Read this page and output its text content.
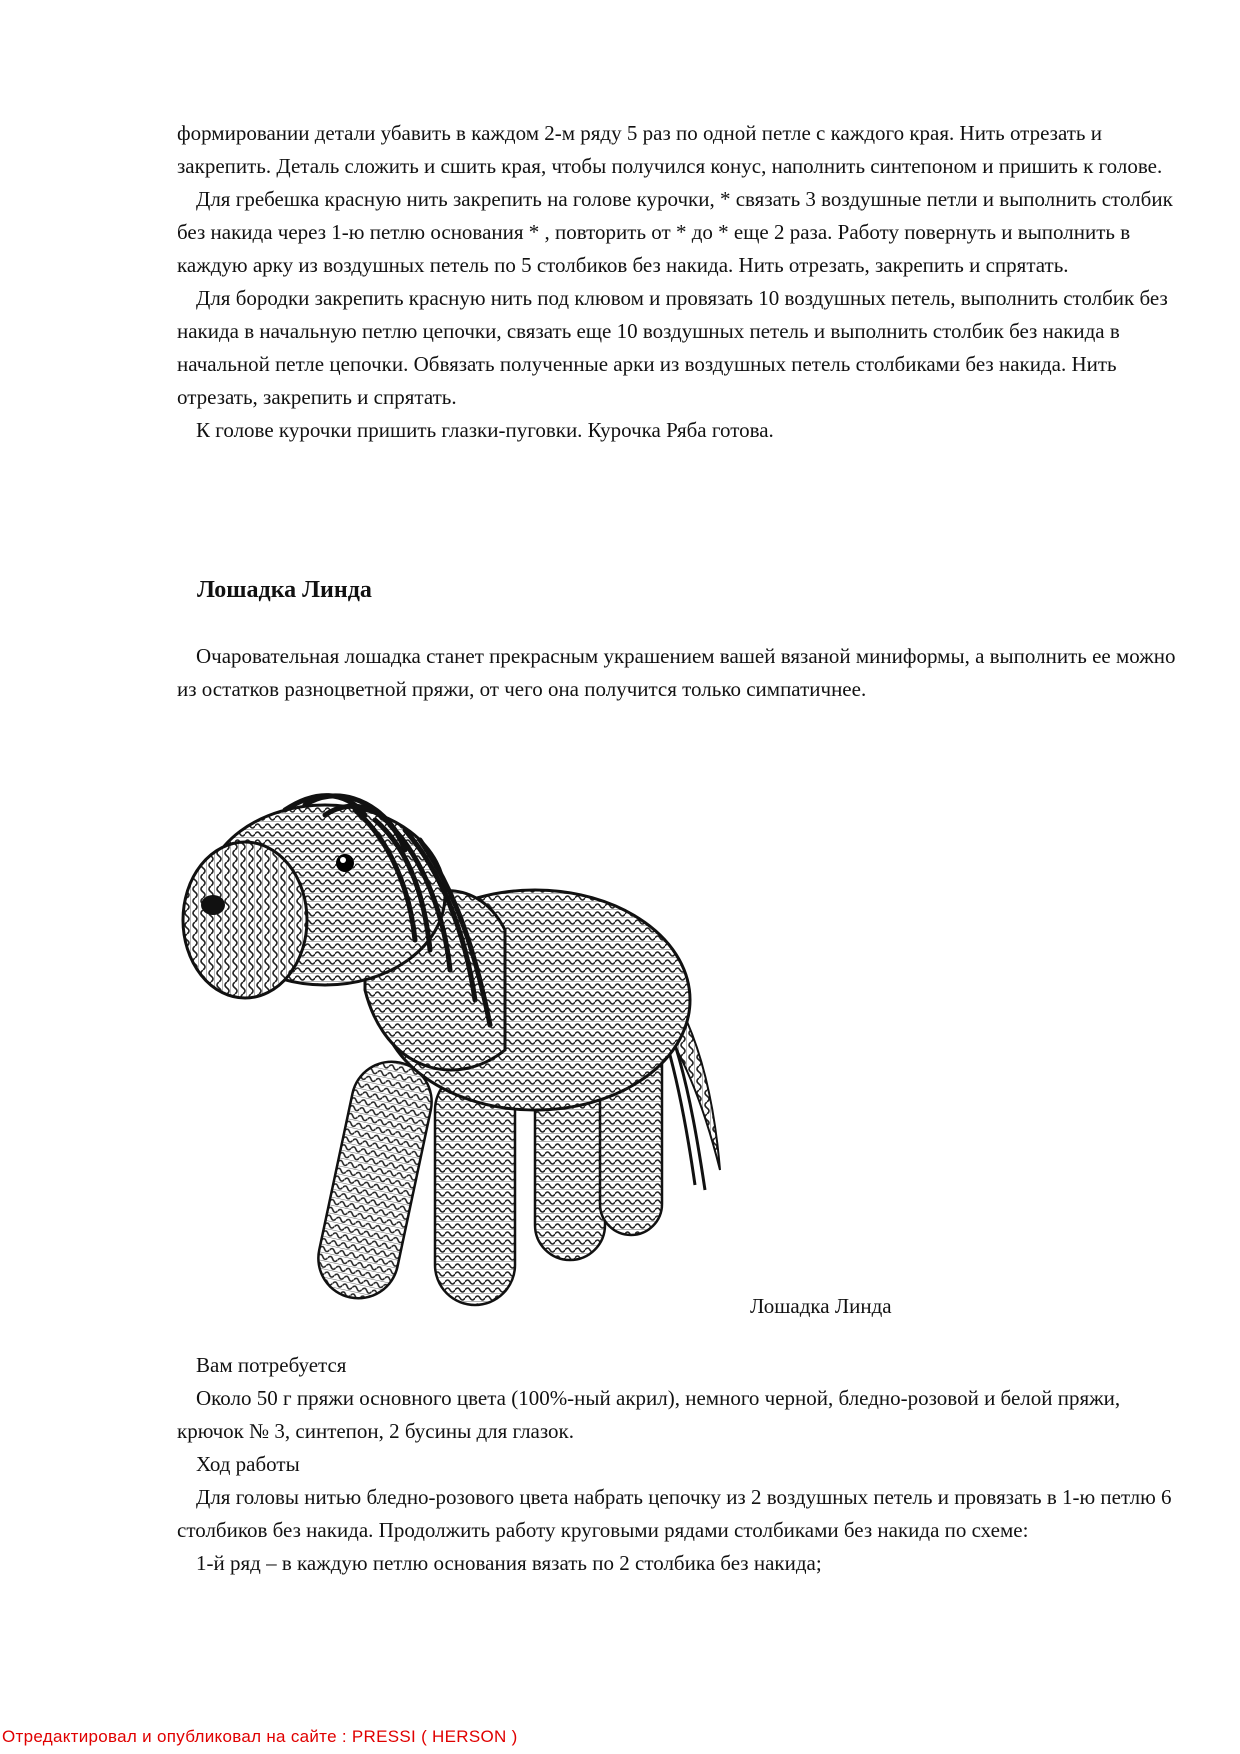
формировании детали убавить в каждом 2-м ряду 5 раз по одной петле с каждого края. Нить отрезать и закрепить. Деталь сложить и сшить края, чтобы получился конус, наполнить синтепоном и пришить к голове.

Для гребешка красную нить закрепить на голове курочки, * связать 3 воздушные петли и выполнить столбик без накида через 1-ю петлю основания * , повторить от * до * еще 2 раза. Работу повернуть и выполнить в каждую арку из воздушных петель по 5 столбиков без накида. Нить отрезать, закрепить и спрятать.

Для бородки закрепить красную нить под клювом и провязать 10 воздушных петель, выполнить столбик без накида в начальную петлю цепочки, связать еще 10 воздушных петель и выполнить столбик без накида в начальной петле цепочки. Обвязать полученные арки из воздушных петель столбиками без накида. Нить отрезать, закрепить и спрятать.

К голове курочки пришить глазки-пуговки. Курочка Ряба готова.

Лошадка Линда

Очаровательная лошадка станет прекрасным украшением вашей вязаной миниформы, а выполнить ее можно из остатков разноцветной пряжи, от чего она получится только симпатичнее.

Лошадка Линда

Вам потребуется

Около 50 г пряжи основного цвета (100%-ный акрил), немного черной, бледно-розовой и белой пряжи, крючок № 3, синтепон, 2 бусины для глазок.

Ход работы

Для головы нитью бледно-розового цвета набрать цепочку из 2 воздушных петель и провязать в 1-ю петлю 6 столбиков без накида. Продолжить работу круговыми рядами столбиками без накида по схеме:

1-й ряд – в каждую петлю основания вязать по 2 столбика без накида;

Отредактировал и опубликовал на сайте : PRESSI ( HERSON )
